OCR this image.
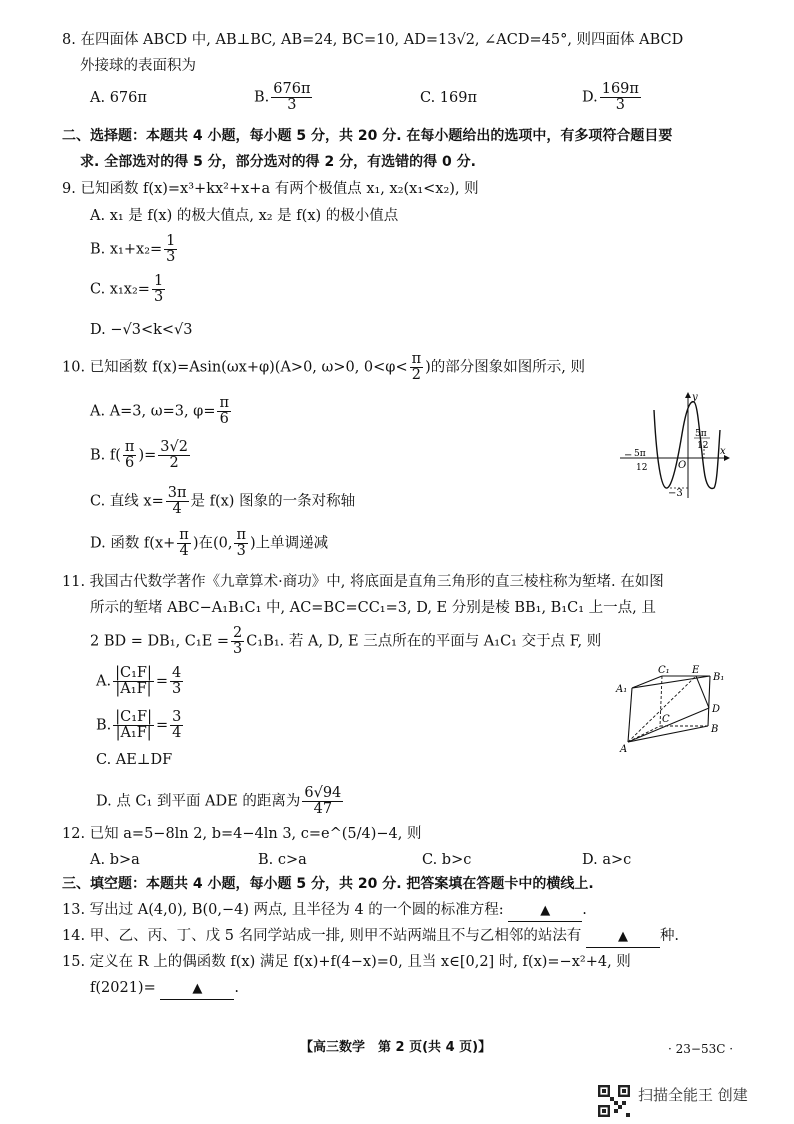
8. 在四面体 ABCD 中, AB⊥BC, AB=24, BC=10, AD=13√2, ∠ACD=45°, 则四面体 ABCD
外接球的表面积为
A. 676π	B. $\frac{676\pi}{3}$	C. 169π	D. $\frac{169\pi}{3}$
二、选择题：本题共 4 小题，每小题 5 分，共 20 分. 在每小题给出的选项中，有多项符合题目要
求. 全部选对的得 5 分，部分选对的得 2 分，有选错的得 0 分.
9. 已知函数 f(x)=x³+kx²+x+a 有两个极值点 x₁, x₂(x₁<x₂), 则
A. x₁ 是 f(x) 的极大值点, x₂ 是 f(x) 的极小值点
B. $x_1+x_2= \frac{1}{3}$
C. $x_1x_2= \frac{1}{3}$
D. −√3<k<√3
10. 已知函数 f(x)=Asin(ωx+φ)(A>0, ω>0, $0<\varphi< \frac{\pi}{2}$ )的部分图象如图所示, 则
A. A=3, ω=3, $\varphi= \frac{\pi}{6}$
B. $f( \frac{\pi}{6}$ )= $\frac{3√2}{2}$
C. 直线 $x= \frac{3\pi}{4}$ 是 f(x) 图象的一条对称轴
D. 函数 $f(x+ \frac{\pi}{4}$ )在(0, $\frac{\pi}{3}$ )上单调递减
y
x
O
5π
−
12
5π
12
−3
11. 我国古代数学著作《九章算术·商功》中, 将底面是直角三角形的直三棱柱称为堑堵. 在如图
所示的堑堵 ABC−A₁B₁C₁ 中, AC=BC=CC₁=3, D, E 分别是棱 BB₁, B₁C₁ 上一点, 且
2 BD = DB₁, $C_1E = \frac{2}{3} C_1B_1$. 若 A, D, E 三点所在的平面与 A₁C₁ 交于点 F, 则
A. $\frac{\text{|C₁F|}}{\text{|A₁F|}} = \frac{4}{3}$
B. $\frac{\text{|C₁F|}}{\text{|A₁F|}} = \frac{3}{4}$
C. AE⊥DF
D. 点 C₁ 到平面 ADE 的距离为 $\frac{6√94}{47}$
A₁
C₁ E
B₁
D
C
A
B
12. 已知 a=5−8ln 2, b=4−4ln 3, c=e^(5/4)−4, 则
A. b>a	B. c>a	C. b>c	D. a>c
三、填空题：本题共 4 小题，每小题 5 分，共 20 分. 把答案填在答题卡中的横线上.
13. 写出过 A(4,0), B(0,−4) 两点, 且半径为 4 的一个圆的标准方程:	▲ .
14. 甲、乙、丙、丁、戊 5 名同学站成一排, 则甲不站两端且不与乙相邻的站法有	▲ 种.
15. 定义在 R 上的偶函数 f(x) 满足 f(x)+f(4−x)=0, 且当 x∈[0,2] 时, f(x)=−x²+4, 则
f(2021)=	▲ .
【高三数学　第 2 页(共 4 页)】	· 23−53C ·
扫描全能王 创建
